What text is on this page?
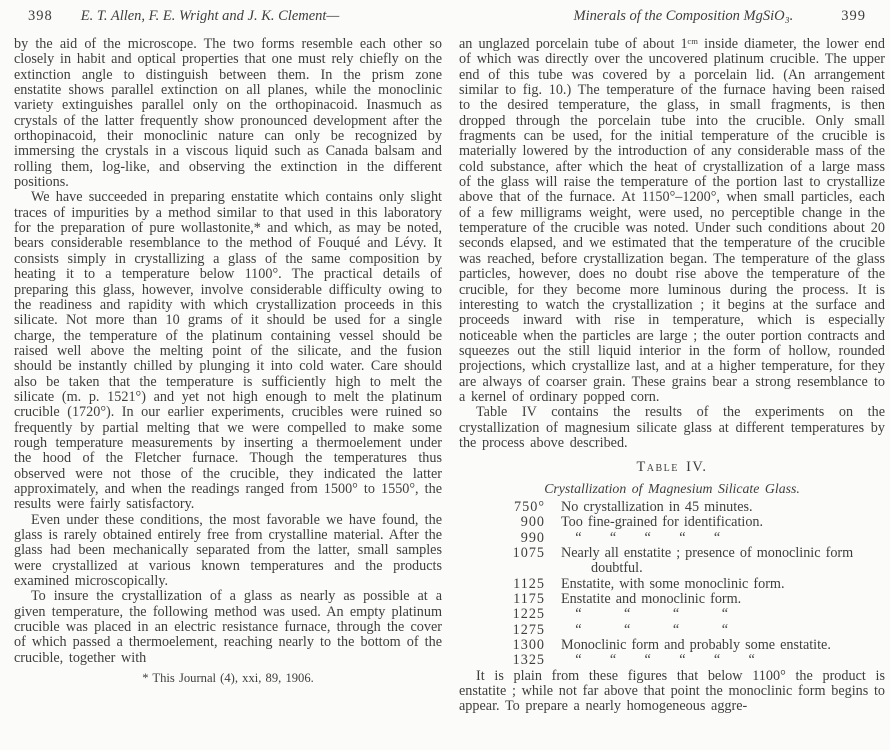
398 E. T. Allen, F. E. Wright and J. K. Clement—	Minerals of the Composition MgSiO₃.	399

by the aid of the microscope. The two forms resemble each other so closely in habit and optical properties that one must rely chiefly on the extinction angle to distinguish between them. In the prism zone enstatite shows parallel extinction on all planes, while the monoclinic variety extinguishes parallel only on the orthopinacoid. Inasmuch as crystals of the latter frequently show pronounced development after the orthopinacoid, their monoclinic nature can only be recognized by immersing the crystals in a viscous liquid such as Canada balsam and rolling them, log-like, and observing the extinction in the different positions.

We have succeeded in preparing enstatite which contains only slight traces of impurities by a method similar to that used in this laboratory for the preparation of pure wollastonite,* and which, as may be noted, bears considerable resemblance to the method of Fouqué and Lévy. It consists simply in crystallizing a glass of the same composition by heating it to a temperature below 1100°. The practical details of preparing this glass, however, involve considerable difficulty owing to the readiness and rapidity with which crystallization proceeds in this silicate. Not more than 10 grams of it should be used for a single charge, the temperature of the platinum containing vessel should be raised well above the melting point of the silicate, and the fusion should be instantly chilled by plunging it into cold water. Care should also be taken that the temperature is sufficiently high to melt the silicate (m. p. 1521°) and yet not high enough to melt the platinum crucible (1720°). In our earlier experiments, crucibles were ruined so frequently by partial melting that we were compelled to make some rough temperature measurements by inserting a thermoelement under the hood of the Fletcher furnace. Though the temperatures thus observed were not those of the crucible, they indicated the latter approximately, and when the readings ranged from 1500° to 1550°, the results were fairly satisfactory.

Even under these conditions, the most favorable we have found, the glass is rarely obtained entirely free from crystalline material. After the glass had been mechanically separated from the latter, small samples were crystallized at various known temperatures and the products examined microscopically.

To insure the crystallization of a glass as nearly as possible at a given temperature, the following method was used. An empty platinum crucible was placed in an electric resistance furnace, through the cover of which passed a thermoelement, reaching nearly to the bottom of the crucible, together with

* This Journal (4), xxi, 89, 1906.

an unglazed porcelain tube of about 1ᶜᵐ inside diameter, the lower end of which was directly over the uncovered platinum crucible. The upper end of this tube was covered by a porcelain lid. (An arrangement similar to fig. 10.) The temperature of the furnace having been raised to the desired temperature, the glass, in small fragments, is then dropped through the porcelain tube into the crucible. Only small fragments can be used, for the initial temperature of the crucible is materially lowered by the introduction of any considerable mass of the cold substance, after which the heat of crystallization of a large mass of the glass will raise the temperature of the portion last to crystallize above that of the furnace. At 1150°–1200°, when small particles, each of a few milligrams weight, were used, no perceptible change in the temperature of the crucible was noted. Under such conditions about 20 seconds elapsed, and we estimated that the temperature of the crucible was reached, before crystallization began. The temperature of the glass particles, however, does no doubt rise above the temperature of the crucible, for they become more luminous during the process. It is interesting to watch the crystallization ; it begins at the surface and proceeds inward with rise in temperature, which is especially noticeable when the particles are large ; the outer portion contracts and squeezes out the still liquid interior in the form of hollow, rounded projections, which crystallize last, and at a higher temperature, for they are always of coarser grain. These grains bear a strong resemblance to a kernel of ordinary popped corn.

Table IV contains the results of the experiments on the crystallization of magnesium silicate glass at different temperatures by the process above described.

Table IV.
Crystallization of Magnesium Silicate Glass.
750° No crystallization in 45 minutes.
900 Too fine-grained for identification.
990  “  “  “  “  “
1075 Nearly all enstatite ; presence of monoclinic form doubtful.
1125 Enstatite, with some monoclinic form.
1175 Enstatite and monoclinic form.
1225  “   “   “   “
1275  “   “   “   “
1300 Monoclinic form and probably some enstatite.
1325  “  “  “  “  “  “

It is plain from these figures that below 1100° the product is enstatite ; while not far above that point the monoclinic form begins to appear. To prepare a nearly homogeneous aggre-
